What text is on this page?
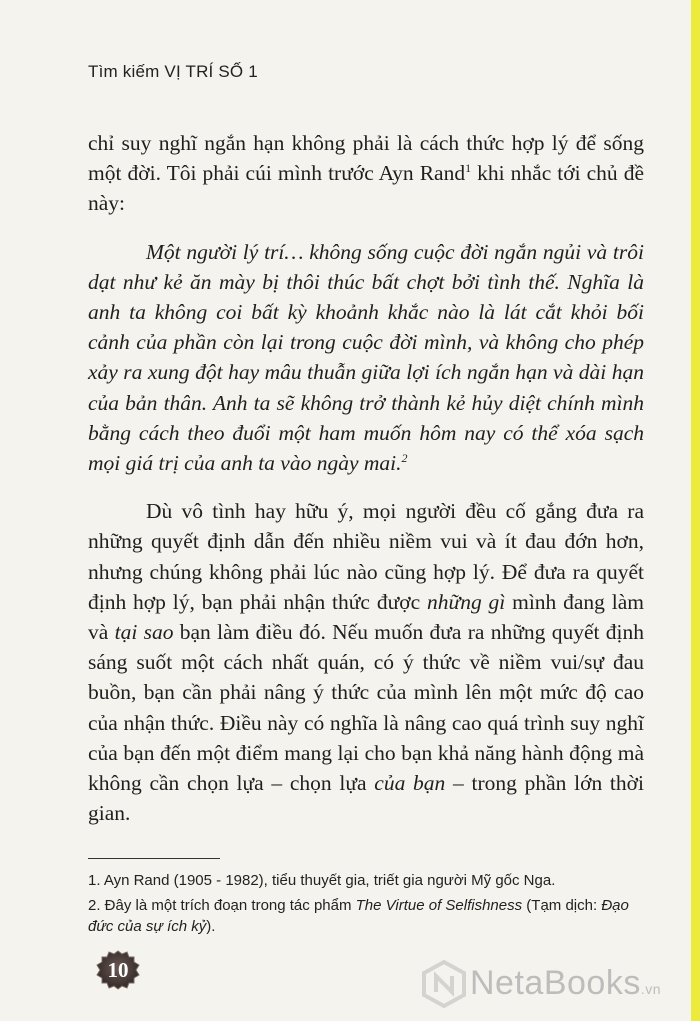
Tìm kiếm VỊ TRÍ SỐ 1

chỉ suy nghĩ ngắn hạn không phải là cách thức hợp lý để sống một đời. Tôi phải cúi mình trước Ayn Rand$^1$ khi nhắc tới chủ đề này:

Một người lý trí… không sống cuộc đời ngắn ngủi và trôi dạt như kẻ ăn mày bị thôi thúc bất chợt bởi tình thế. Nghĩa là anh ta không coi bất kỳ khoảnh khắc nào là lát cắt khỏi bối cảnh của phần còn lại trong cuộc đời mình, và không cho phép xảy ra xung đột hay mâu thuẫn giữa lợi ích ngắn hạn và dài hạn của bản thân. Anh ta sẽ không trở thành kẻ hủy diệt chính mình bằng cách theo đuổi một ham muốn hôm nay có thể xóa sạch mọi giá trị của anh ta vào ngày mai.$^2$

Dù vô tình hay hữu ý, mọi người đều cố gắng đưa ra những quyết định dẫn đến nhiều niềm vui và ít đau đớn hơn, nhưng chúng không phải lúc nào cũng hợp lý. Để đưa ra quyết định hợp lý, bạn phải nhận thức được những gì mình đang làm và tại sao bạn làm điều đó. Nếu muốn đưa ra những quyết định sáng suốt một cách nhất quán, có ý thức về niềm vui/sự đau buồn, bạn cần phải nâng ý thức của mình lên một mức độ cao của nhận thức. Điều này có nghĩa là nâng cao quá trình suy nghĩ của bạn đến một điểm mang lại cho bạn khả năng hành động mà không cần chọn lựa – chọn lựa của bạn – trong phần lớn thời gian.

1. Ayn Rand (1905 - 1982), tiểu thuyết gia, triết gia người Mỹ gốc Nga.

2. Đây là một trích đoạn trong tác phẩm The Virtue of Selfishness (Tạm dịch: Đạo đức của sự ích kỷ).

10	NetaBooks.vn
